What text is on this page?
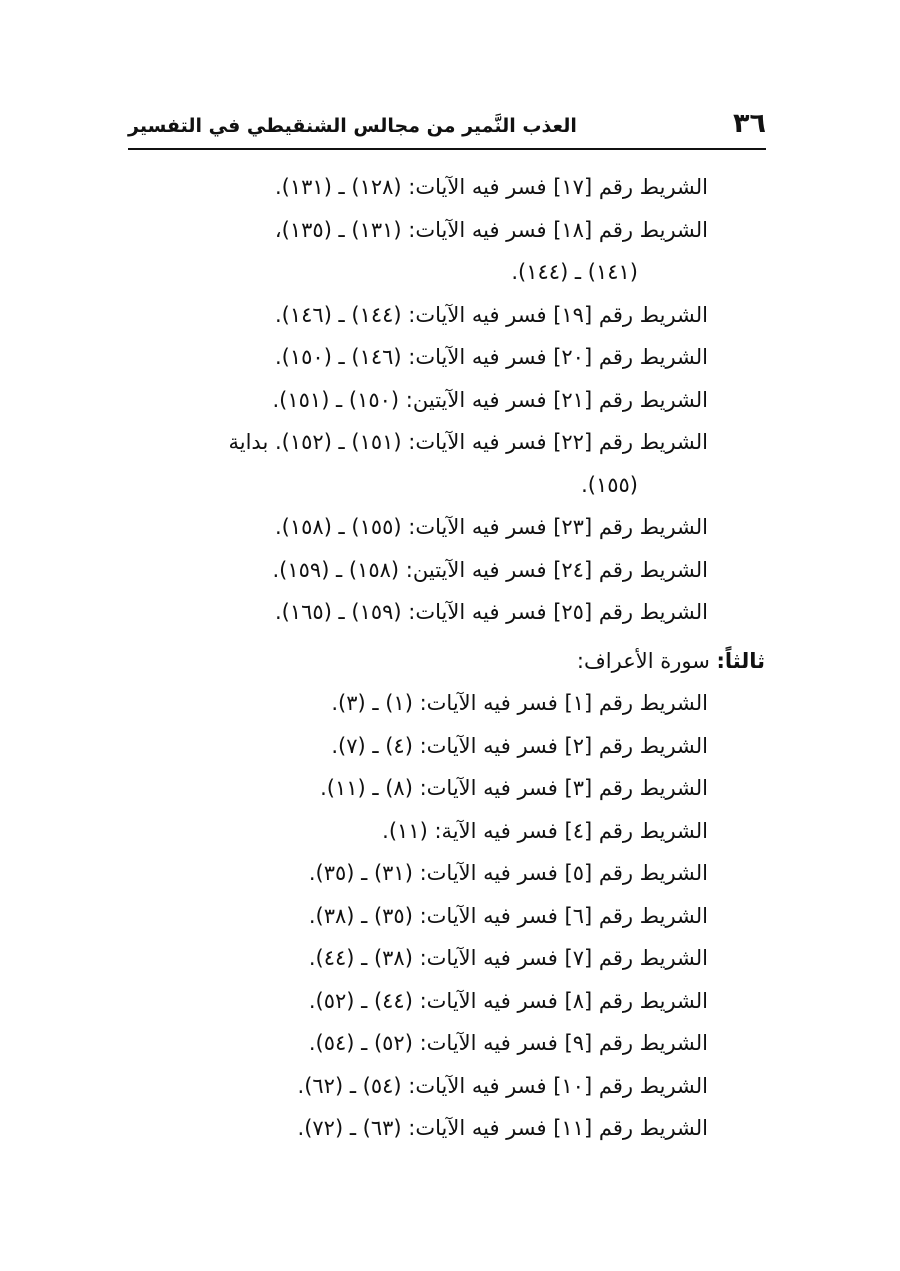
٣٦
العذب النَّمير من مجالس الشنقيطي في التفسير
الشريط رقم [١٧] فسر فيه الآيات: (١٢٨) ـ (١٣١).
الشريط رقم [١٨] فسر فيه الآيات: (١٣١) ـ (١٣٥)،
(١٤١) ـ (١٤٤).
الشريط رقم [١٩] فسر فيه الآيات: (١٤٤) ـ (١٤٦).
الشريط رقم [٢٠] فسر فيه الآيات: (١٤٦) ـ (١٥٠).
الشريط رقم [٢١] فسر فيه الآيتين: (١٥٠) ـ (١٥١).
الشريط رقم [٢٢] فسر فيه الآيات: (١٥١) ـ (١٥٢). بداية
(١٥٥).
الشريط رقم [٢٣] فسر فيه الآيات: (١٥٥) ـ (١٥٨).
الشريط رقم [٢٤] فسر فيه الآيتين: (١٥٨) ـ (١٥٩).
الشريط رقم [٢٥] فسر فيه الآيات: (١٥٩) ـ (١٦٥).
ثالثاً: سورة الأعراف:
الشريط رقم [١] فسر فيه الآيات: (١) ـ (٣).
الشريط رقم [٢] فسر فيه الآيات: (٤) ـ (٧).
الشريط رقم [٣] فسر فيه الآيات: (٨) ـ (١١).
الشريط رقم [٤] فسر فيه الآية: (١١).
الشريط رقم [٥] فسر فيه الآيات: (٣١) ـ (٣٥).
الشريط رقم [٦] فسر فيه الآيات: (٣٥) ـ (٣٨).
الشريط رقم [٧] فسر فيه الآيات: (٣٨) ـ (٤٤).
الشريط رقم [٨] فسر فيه الآيات: (٤٤) ـ (٥٢).
الشريط رقم [٩] فسر فيه الآيات: (٥٢) ـ (٥٤).
الشريط رقم [١٠] فسر فيه الآيات: (٥٤) ـ (٦٢).
الشريط رقم [١١] فسر فيه الآيات: (٦٣) ـ (٧٢).
